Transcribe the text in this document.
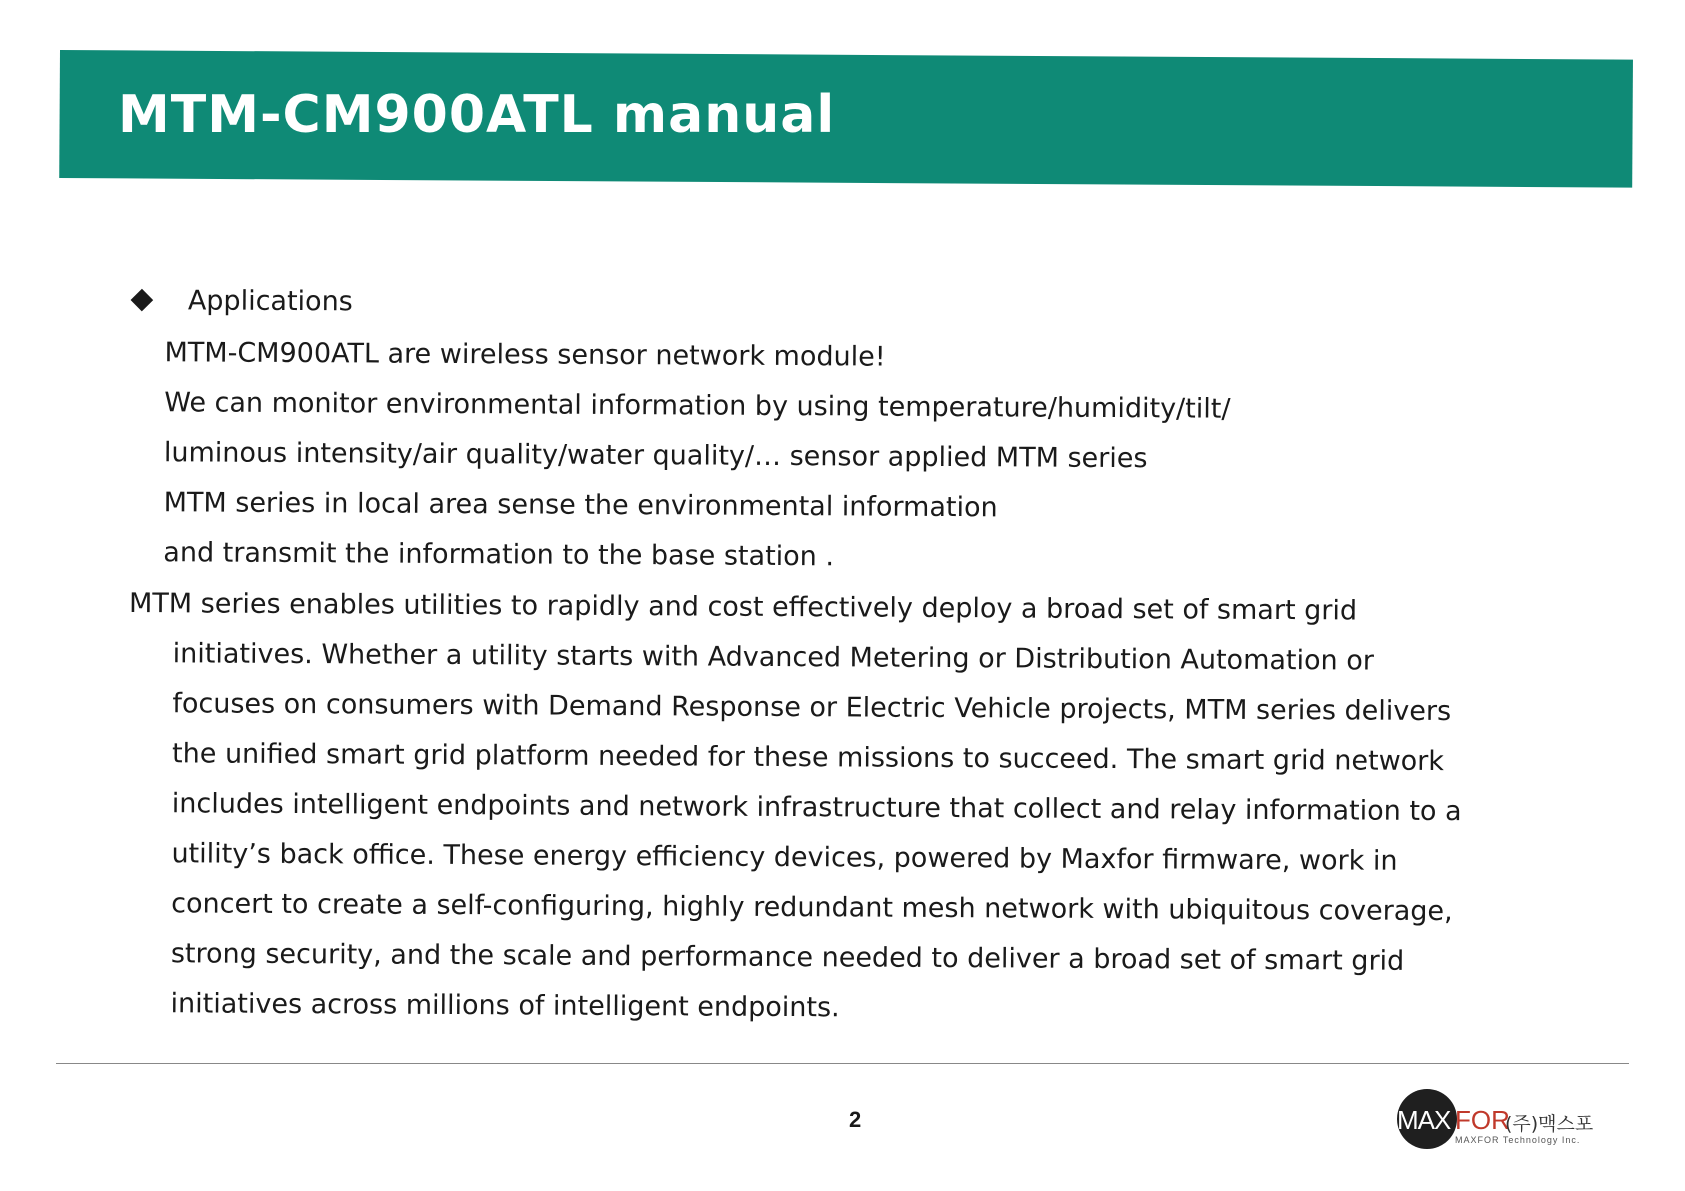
MTM-CM900ATL manual
Applications
MTM-CM900ATL are wireless sensor network module!
We can monitor environmental information by using temperature/humidity/tilt/
luminous intensity/air quality/water quality/… sensor applied MTM series
MTM series in local area sense the environmental information
and transmit the information to the base station .
MTM series enables utilities to rapidly and cost effectively deploy a broad set of smart grid
initiatives. Whether a utility starts with Advanced Metering or Distribution Automation or
focuses on consumers with Demand Response or Electric Vehicle projects, MTM series delivers
the unified smart grid platform needed for these missions to succeed. The smart grid network
includes intelligent endpoints and network infrastructure that collect and relay information to a
utility’s back office. These energy efficiency devices, powered by Maxfor firmware, work in
concert to create a self-configuring, highly redundant mesh network with ubiquitous coverage,
strong security, and the scale and performance needed to deliver a broad set of smart grid
initiatives across millions of intelligent endpoints.
2	MAX FOR
(주)맥스포
MAXFOR Technology Inc.
